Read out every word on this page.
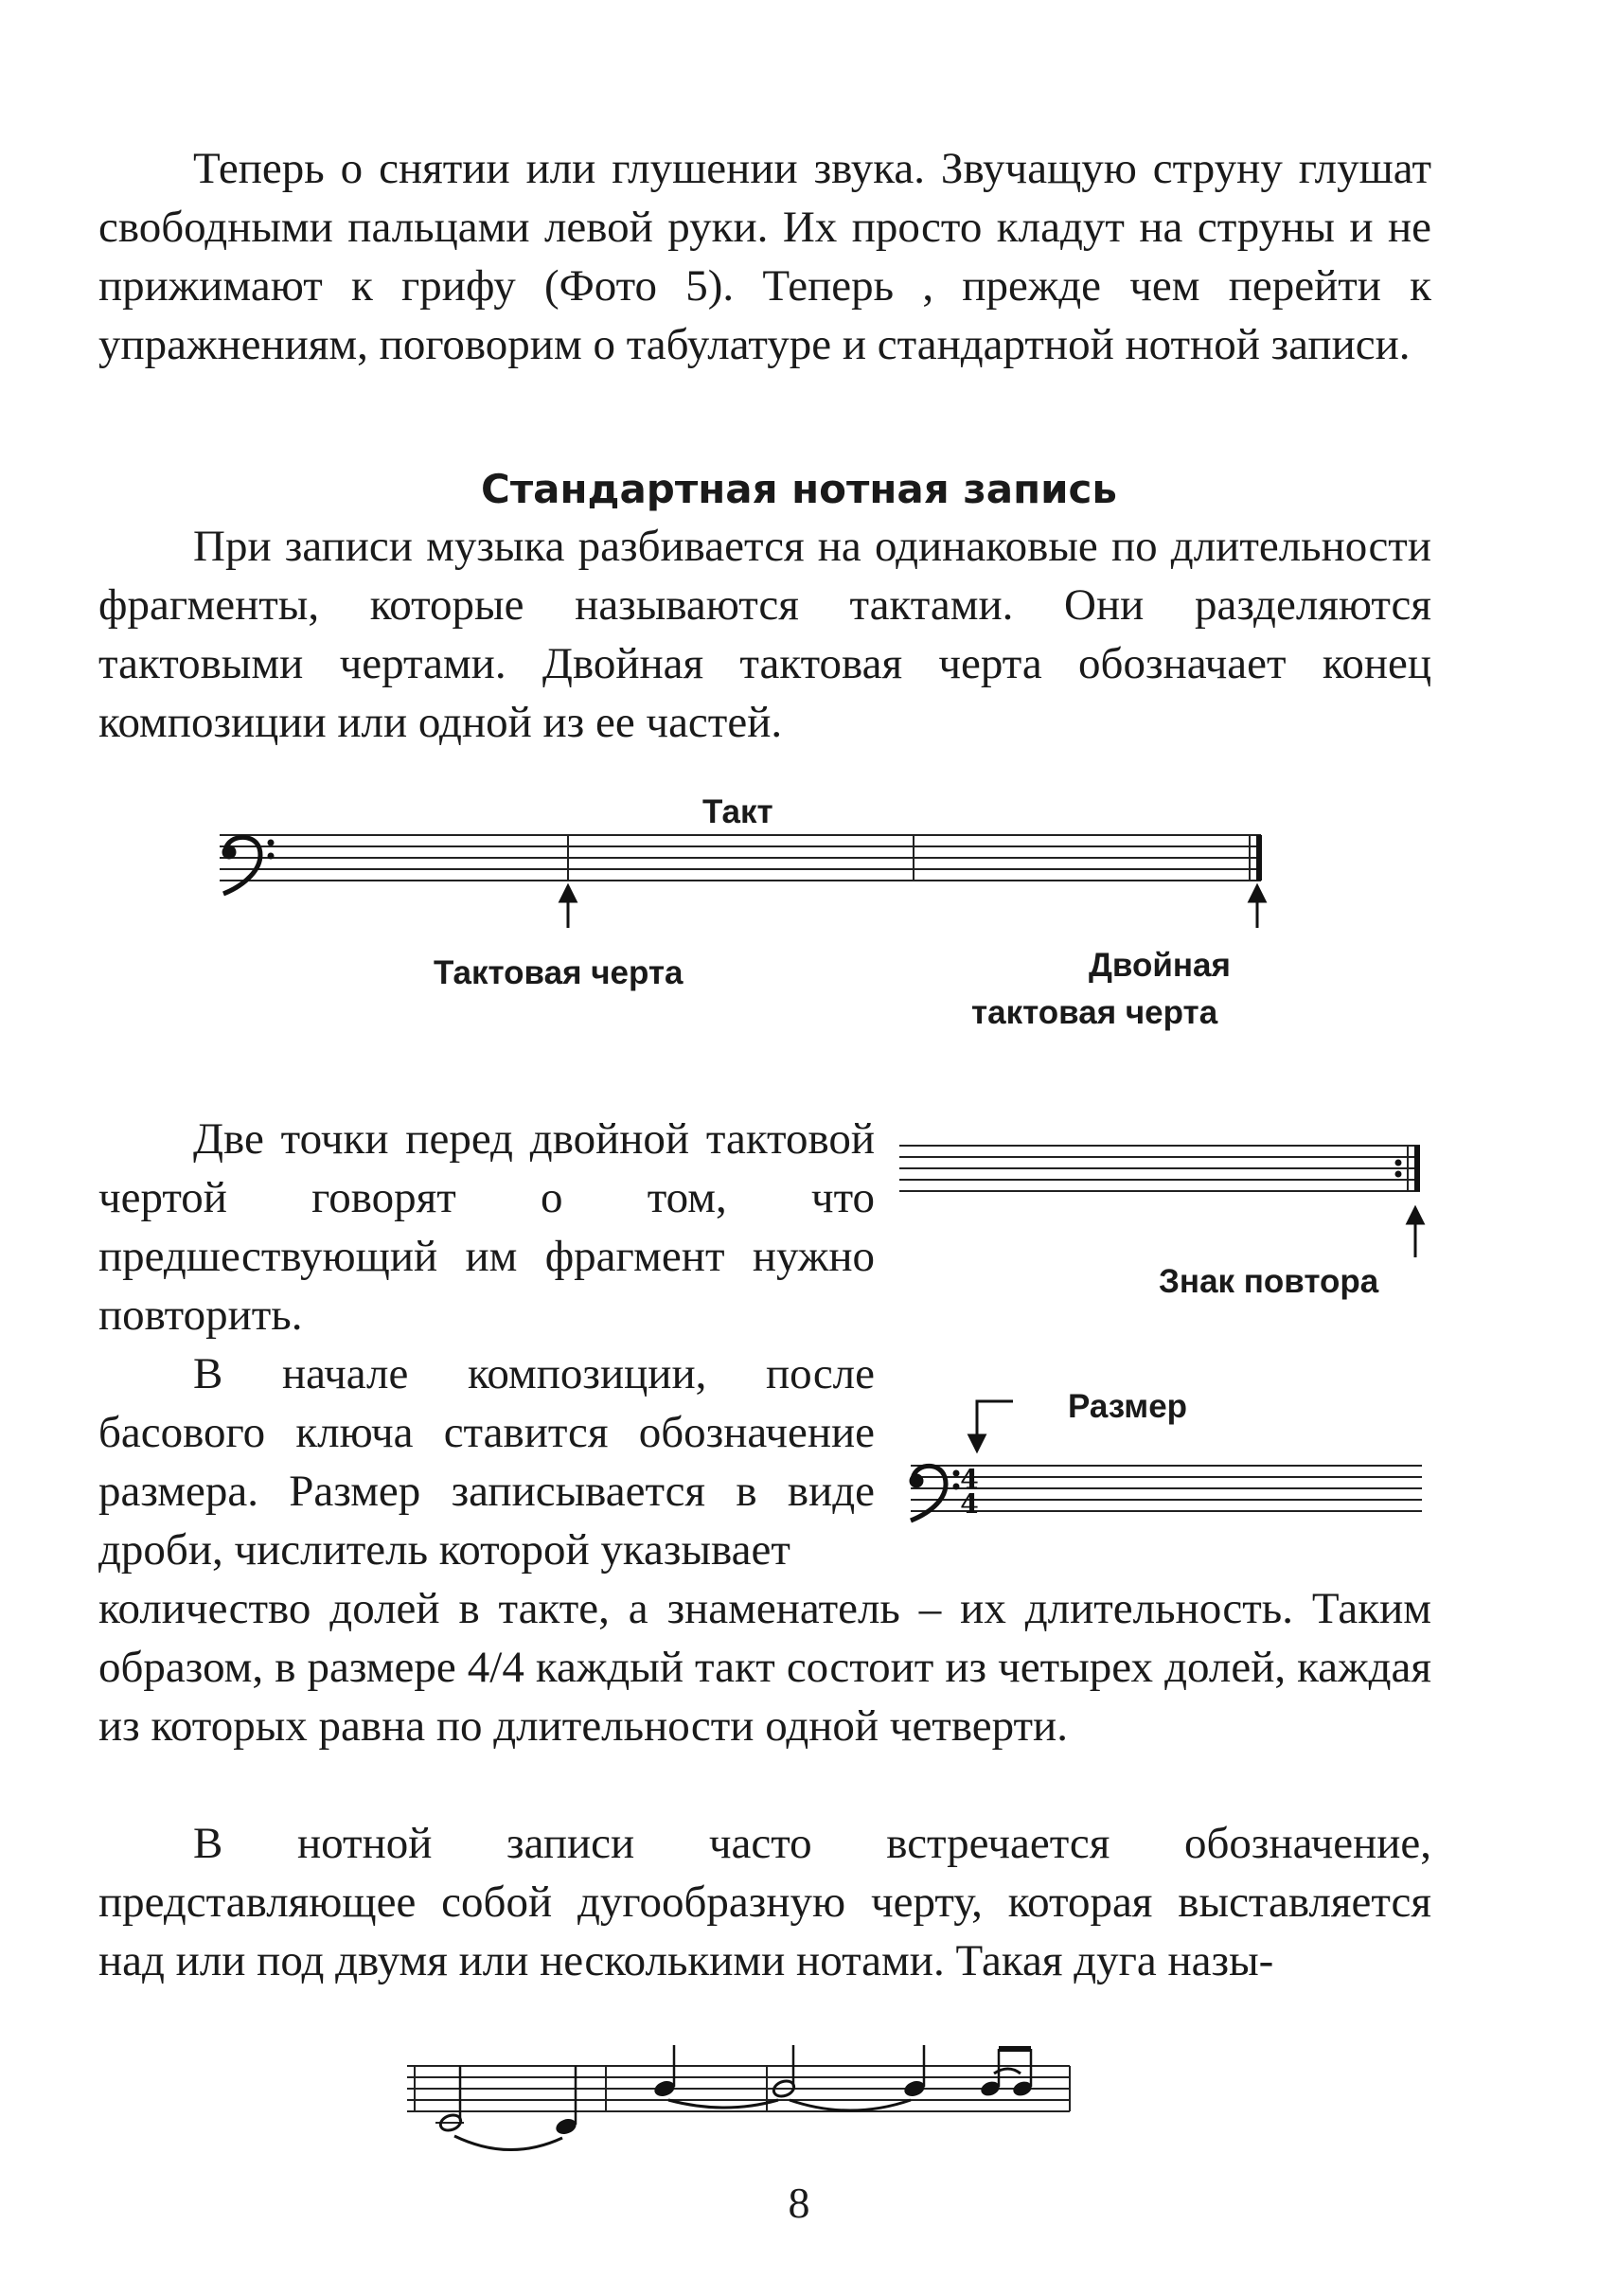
Теперь о снятии или глушении звука. Звучащую струну глушат свободными пальцами левой руки. Их просто кладут на струны и не прижимают к грифу (Фото 5). Теперь , прежде чем перейти к упражнениям, поговорим о табулатуре и стандартной нотной записи.

Стандартная нотная запись

При записи музыка разбивается на одинаковые по длительности фрагменты, которые называются тактами. Они разделяются тактовыми чертами. Двойная тактовая черта обозначает конец композиции или одной из ее частей.

Такт
Тактовая черта	Двойная
тактовая черта

Две точки перед двойной тактовой чертой говорят о том, что предшествующий им фрагмент нужно повторить.

Знак повтора

В начале композиции, после басового ключа ставится обозначение размера. Размер записывается в виде дроби, числитель которой указывает

4
4
Размер

количество долей в такте, а знаменатель – их длительность. Таким образом, в размере 4/4 каждый такт состоит из четырех долей, каждая из которых равна по длительности одной четверти.

В нотной записи часто встречается обозначение, представляющее собой дугообразную черту, которая выставляется над или под двумя или несколькими нотами. Такая дуга назы-

8
